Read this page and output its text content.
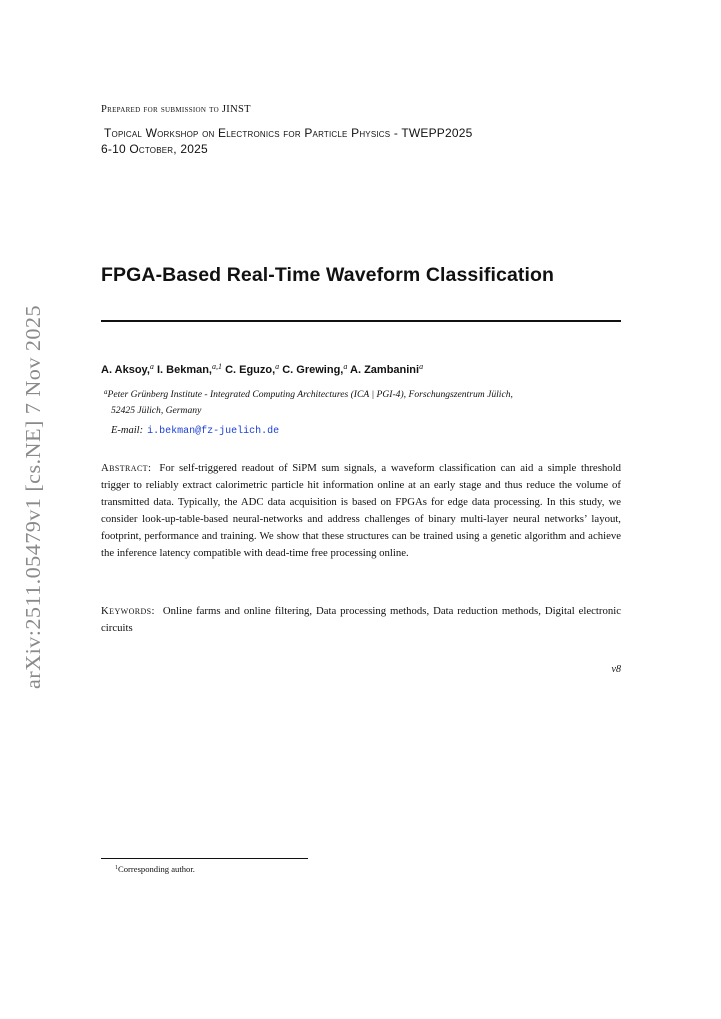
arXiv:2511.05479v1 [cs.NE] 7 Nov 2025
Prepared for submission to JINST
Topical Workshop on Electronics for Particle Physics - TWEPP2025
6-10 October, 2025
FPGA-Based Real-Time Waveform Classification
A. Aksoy,$^a$ I. Bekman,$^{a,1}$ C. Eguzo,$^a$ C. Grewing,$^a$ A. Zambanini$^a$
$^a$Peter Grünberg Institute - Integrated Computing Architectures (ICA | PGI-4), Forschungszentrum Jülich,
52425 Jülich, Germany
E-mail: i.bekman@fz-juelich.de
Abstract: For self-triggered readout of SiPM sum signals, a waveform classification can aid a simple threshold trigger to reliably extract calorimetric particle hit information online at an early stage and thus reduce the volume of transmitted data. Typically, the ADC data acquisition is based on FPGAs for edge data processing. In this study, we consider look-up-table-based neural-networks and address challenges of binary multi-layer neural networks’ layout, footprint, performance and training. We show that these structures can be trained using a genetic algorithm and achieve the inference latency compatible with dead-time free processing online.
Keywords: Online farms and online filtering, Data processing methods, Data reduction methods, Digital electronic circuits
v8
$^1$Corresponding author.
